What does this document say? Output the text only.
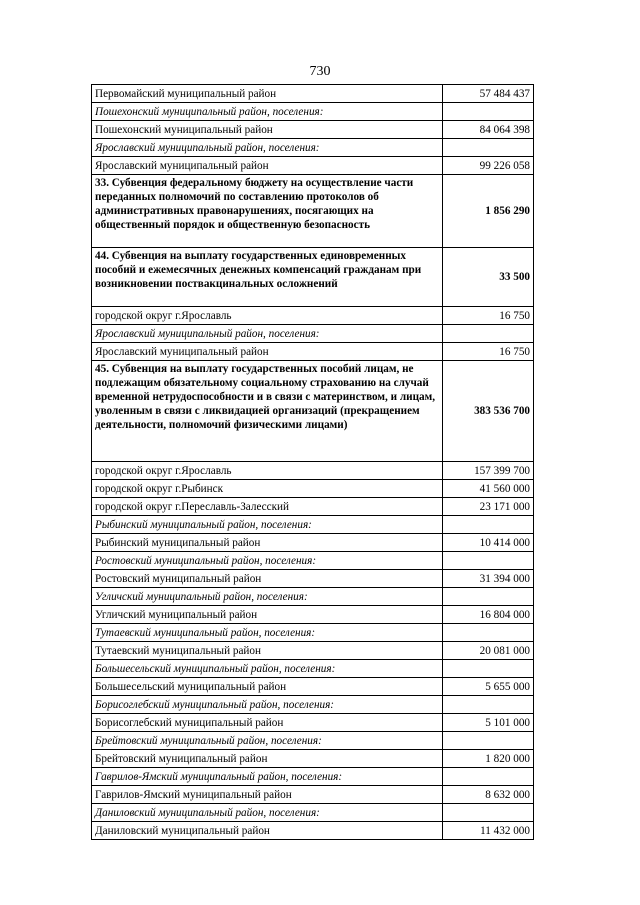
730
Первомайский муниципальный район	57 484 437
Пошехонский муниципальный район, поселения:	
Пошехонский муниципальный район	84 064 398
Ярославский муниципальный район, поселения:	
Ярославский муниципальный район	99 226 058
33. Субвенция федеральному бюджету на осуществление части переданных полномочий по составлению протоколов об административных правонарушениях, посягающих на общественный порядок и общественную безопасность	1 856 290
44. Субвенция на выплату государственных единовременных пособий и ежемесячных денежных компенсаций гражданам при возникновении поствакцинальных осложнений	33 500
городской округ г.Ярославль	16 750
Ярославский муниципальный район, поселения:	
Ярославский муниципальный район	16 750
45. Субвенция на выплату государственных пособий лицам, не подлежащим обязательному социальному страхованию на случай временной нетрудоспособности и в связи с материнством, и лицам, уволенным в связи с ликвидацией организаций (прекращением деятельности, полномочий физическими лицами)	383 536 700
городской округ г.Ярославль	157 399 700
городской округ г.Рыбинск	41 560 000
городской округ г.Переславль-Залесский	23 171 000
Рыбинский муниципальный район, поселения:	
Рыбинский муниципальный район	10 414 000
Ростовский муниципальный район, поселения:	
Ростовский муниципальный район	31 394 000
Угличский муниципальный район, поселения:	
Угличский муниципальный район	16 804 000
Тутаевский муниципальный район, поселения:	
Тутаевский муниципальный район	20 081 000
Большесельский муниципальный район, поселения:	
Большесельский муниципальный район	5 655 000
Борисоглебский муниципальный район, поселения:	
Борисоглебский муниципальный район	5 101 000
Брейтовский муниципальный район, поселения:	
Брейтовский муниципальный район	1 820 000
Гаврилов-Ямский муниципальный район, поселения:	
Гаврилов-Ямский муниципальный район	8 632 000
Даниловский муниципальный район, поселения:	
Даниловский муниципальный район	11 432 000
